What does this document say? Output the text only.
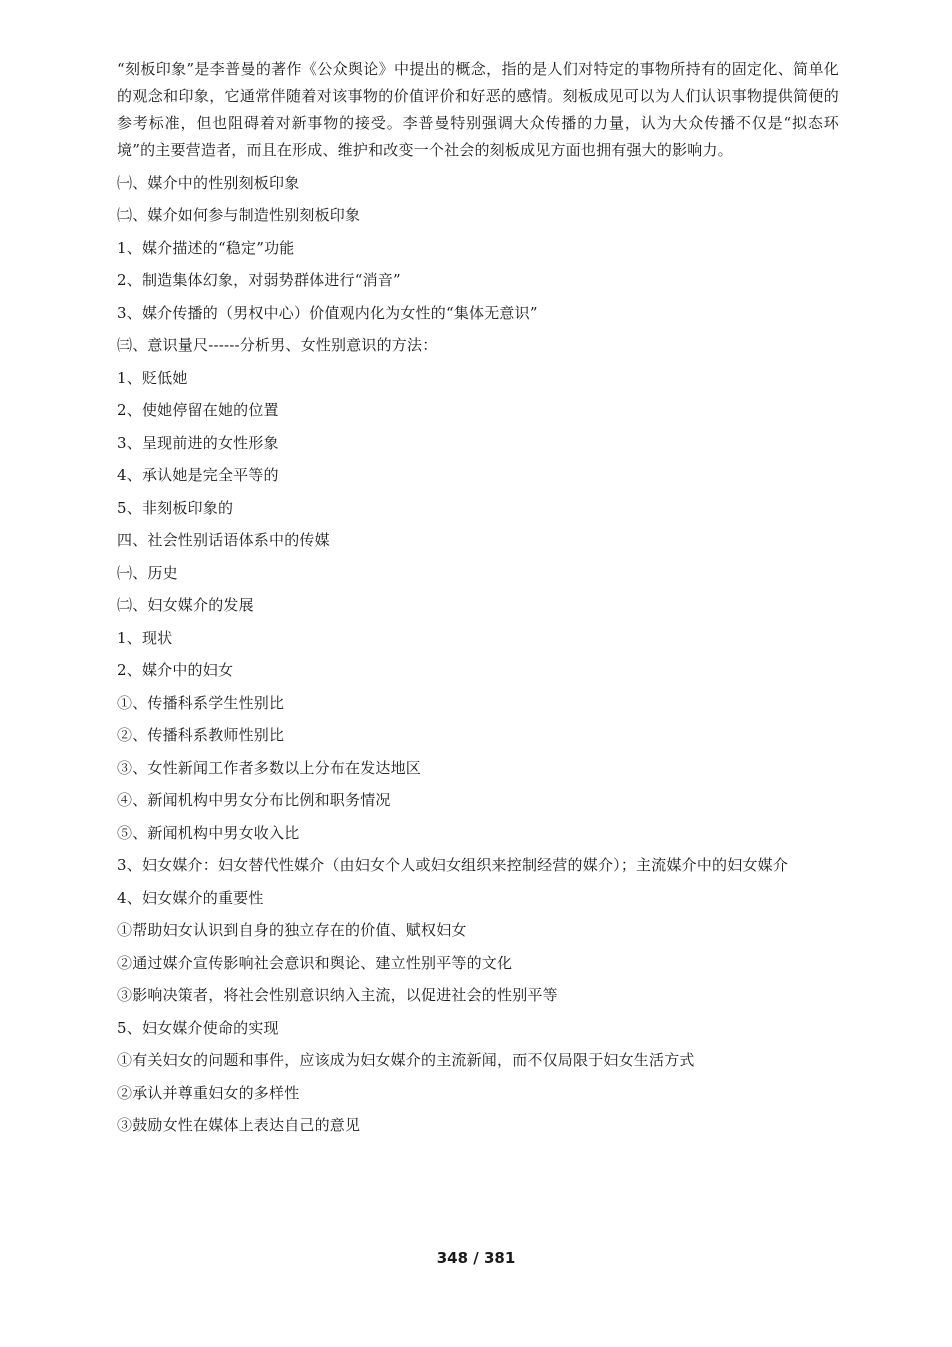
“刻板印象”是李普曼的著作《公众舆论》中提出的概念，指的是人们对特定的事物所持有的固定化、简单化的观念和印象，它通常伴随着对该事物的价值评价和好恶的感情。刻板成见可以为人们认识事物提供简便的参考标准，但也阻碍着对新事物的接受。李普曼特别强调大众传播的力量，认为大众传播不仅是“拟态环境”的主要营造者，而且在形成、维护和改变一个社会的刻板成见方面也拥有强大的影响力。

㈠、媒介中的性别刻板印象
㈡、媒介如何参与制造性别刻板印象
1、媒介描述的“稳定”功能
2、制造集体幻象，对弱势群体进行“消音”
3、媒介传播的（男权中心）价值观内化为女性的“集体无意识”
㈢、意识量尺------分析男、女性别意识的方法：
1、贬低她
2、使她停留在她的位置
3、呈现前进的女性形象
4、承认她是完全平等的
5、非刻板印象的
四、社会性别话语体系中的传媒
㈠、历史
㈡、妇女媒介的发展
1、现状
2、媒介中的妇女
①、传播科系学生性别比
②、传播科系教师性别比
③、女性新闻工作者多数以上分布在发达地区
④、新闻机构中男女分布比例和职务情况
⑤、新闻机构中男女收入比

3、妇女媒介：妇女替代性媒介（由妇女个人或妇女组织来控制经营的媒介）；主流媒介中的妇女媒介

4、妇女媒介的重要性
①帮助妇女认识到自身的独立存在的价值、赋权妇女
②通过媒介宣传影响社会意识和舆论、建立性别平等的文化
③影响决策者，将社会性别意识纳入主流，以促进社会的性别平等
5、妇女媒介使命的实现
①有关妇女的问题和事件，应该成为妇女媒介的主流新闻，而不仅局限于妇女生活方式
②承认并尊重妇女的多样性
③鼓励女性在媒体上表达自己的意见
348 / 381
